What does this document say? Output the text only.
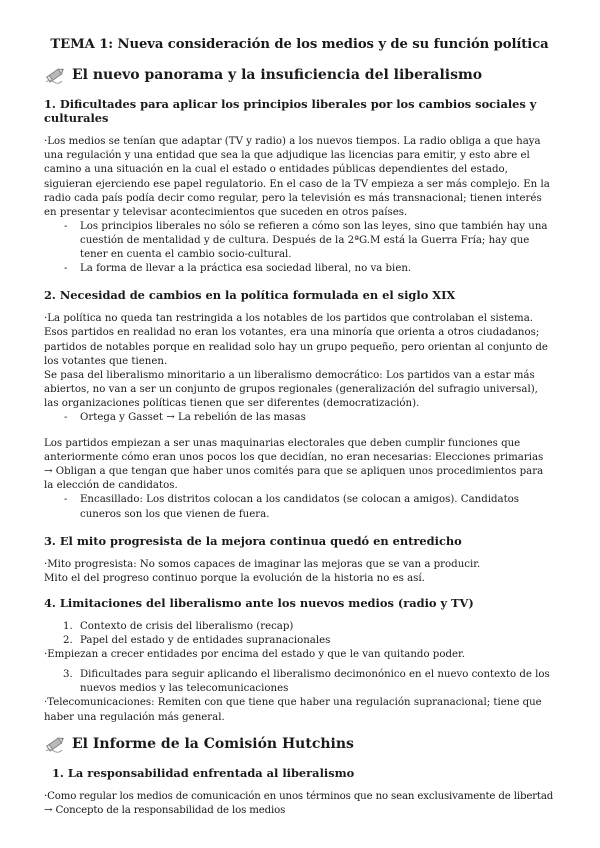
TEMA 1: Nueva consideración de los medios y de su función política
El nuevo panorama y la insuficiencia del liberalismo
1. Dificultades para aplicar los principios liberales por los cambios sociales y culturales

·Los medios se tenían que adaptar (TV y radio) a los nuevos tiempos. La radio obliga a que haya una regulación y una entidad que sea la que adjudique las licencias para emitir, y esto abre el camino a una situación en la cual el estado o entidades públicas dependientes del estado, siguieran ejerciendo ese papel regulatorio. En el caso de la TV empieza a ser más complejo. En la radio cada país podía decir como regular, pero la televisión es más transnacional; tienen interés en presentar y televisar acontecimientos que suceden en otros países.

- Los principios liberales no sólo se refieren a cómo son las leyes, sino que también hay una cuestión de mentalidad y de cultura. Después de la 2ªG.M está la Guerra Fría; hay que tener en cuenta el cambio socio-cultural.
- La forma de llevar a la práctica esa sociedad liberal, no va bien.
2. Necesidad de cambios en la política formulada en el siglo XIX

·La política no queda tan restringida a los notables de los partidos que controlaban el sistema. Esos partidos en realidad no eran los votantes, era una minoría que orienta a otros ciudadanos; partidos de notables porque en realidad solo hay un grupo pequeño, pero orientan al conjunto de los votantes que tienen.

Se pasa del liberalismo minoritario a un liberalismo democrático: Los partidos van a estar más abiertos, no van a ser un conjunto de grupos regionales (generalización del sufragio universal), las organizaciones políticas tienen que ser diferentes (democratización).

- Ortega y Gasset → La rebelión de las masas

Los partidos empiezan a ser unas maquinarias electorales que deben cumplir funciones que anteriormente cómo eran unos pocos los que decidían, no eran necesarias: Elecciones primarias → Obligan a que tengan que haber unos comités para que se apliquen unos procedimientos para la elección de candidatos.

- Encasillado: Los distritos colocan a los candidatos (se colocan a amigos). Candidatos cuneros son los que vienen de fuera.
3. El mito progresista de la mejora continua quedó en entredicho

·Mito progresista: No somos capaces de imaginar las mejoras que se van a producir.

Mito el del progreso continuo porque la evolución de la historia no es así.

4. Limitaciones del liberalismo ante los nuevos medios (radio y TV)
1. Contexto de crisis del liberalismo (recap)
2. Papel del estado y de entidades supranacionales

·Empiezan a crecer entidades por encima del estado y que le van quitando poder.

3. Dificultades para seguir aplicando el liberalismo decimonónico en el nuevo contexto de los nuevos medios y las telecomunicaciones

·Telecomunicaciones: Remiten con que tiene que haber una regulación supranacional; tiene que haber una regulación más general.

El Informe de la Comisión Hutchins
1. La responsabilidad enfrentada al liberalismo

·Como regular los medios de comunicación en unos términos que no sean exclusivamente de libertad → Concepto de la responsabilidad de los medios
